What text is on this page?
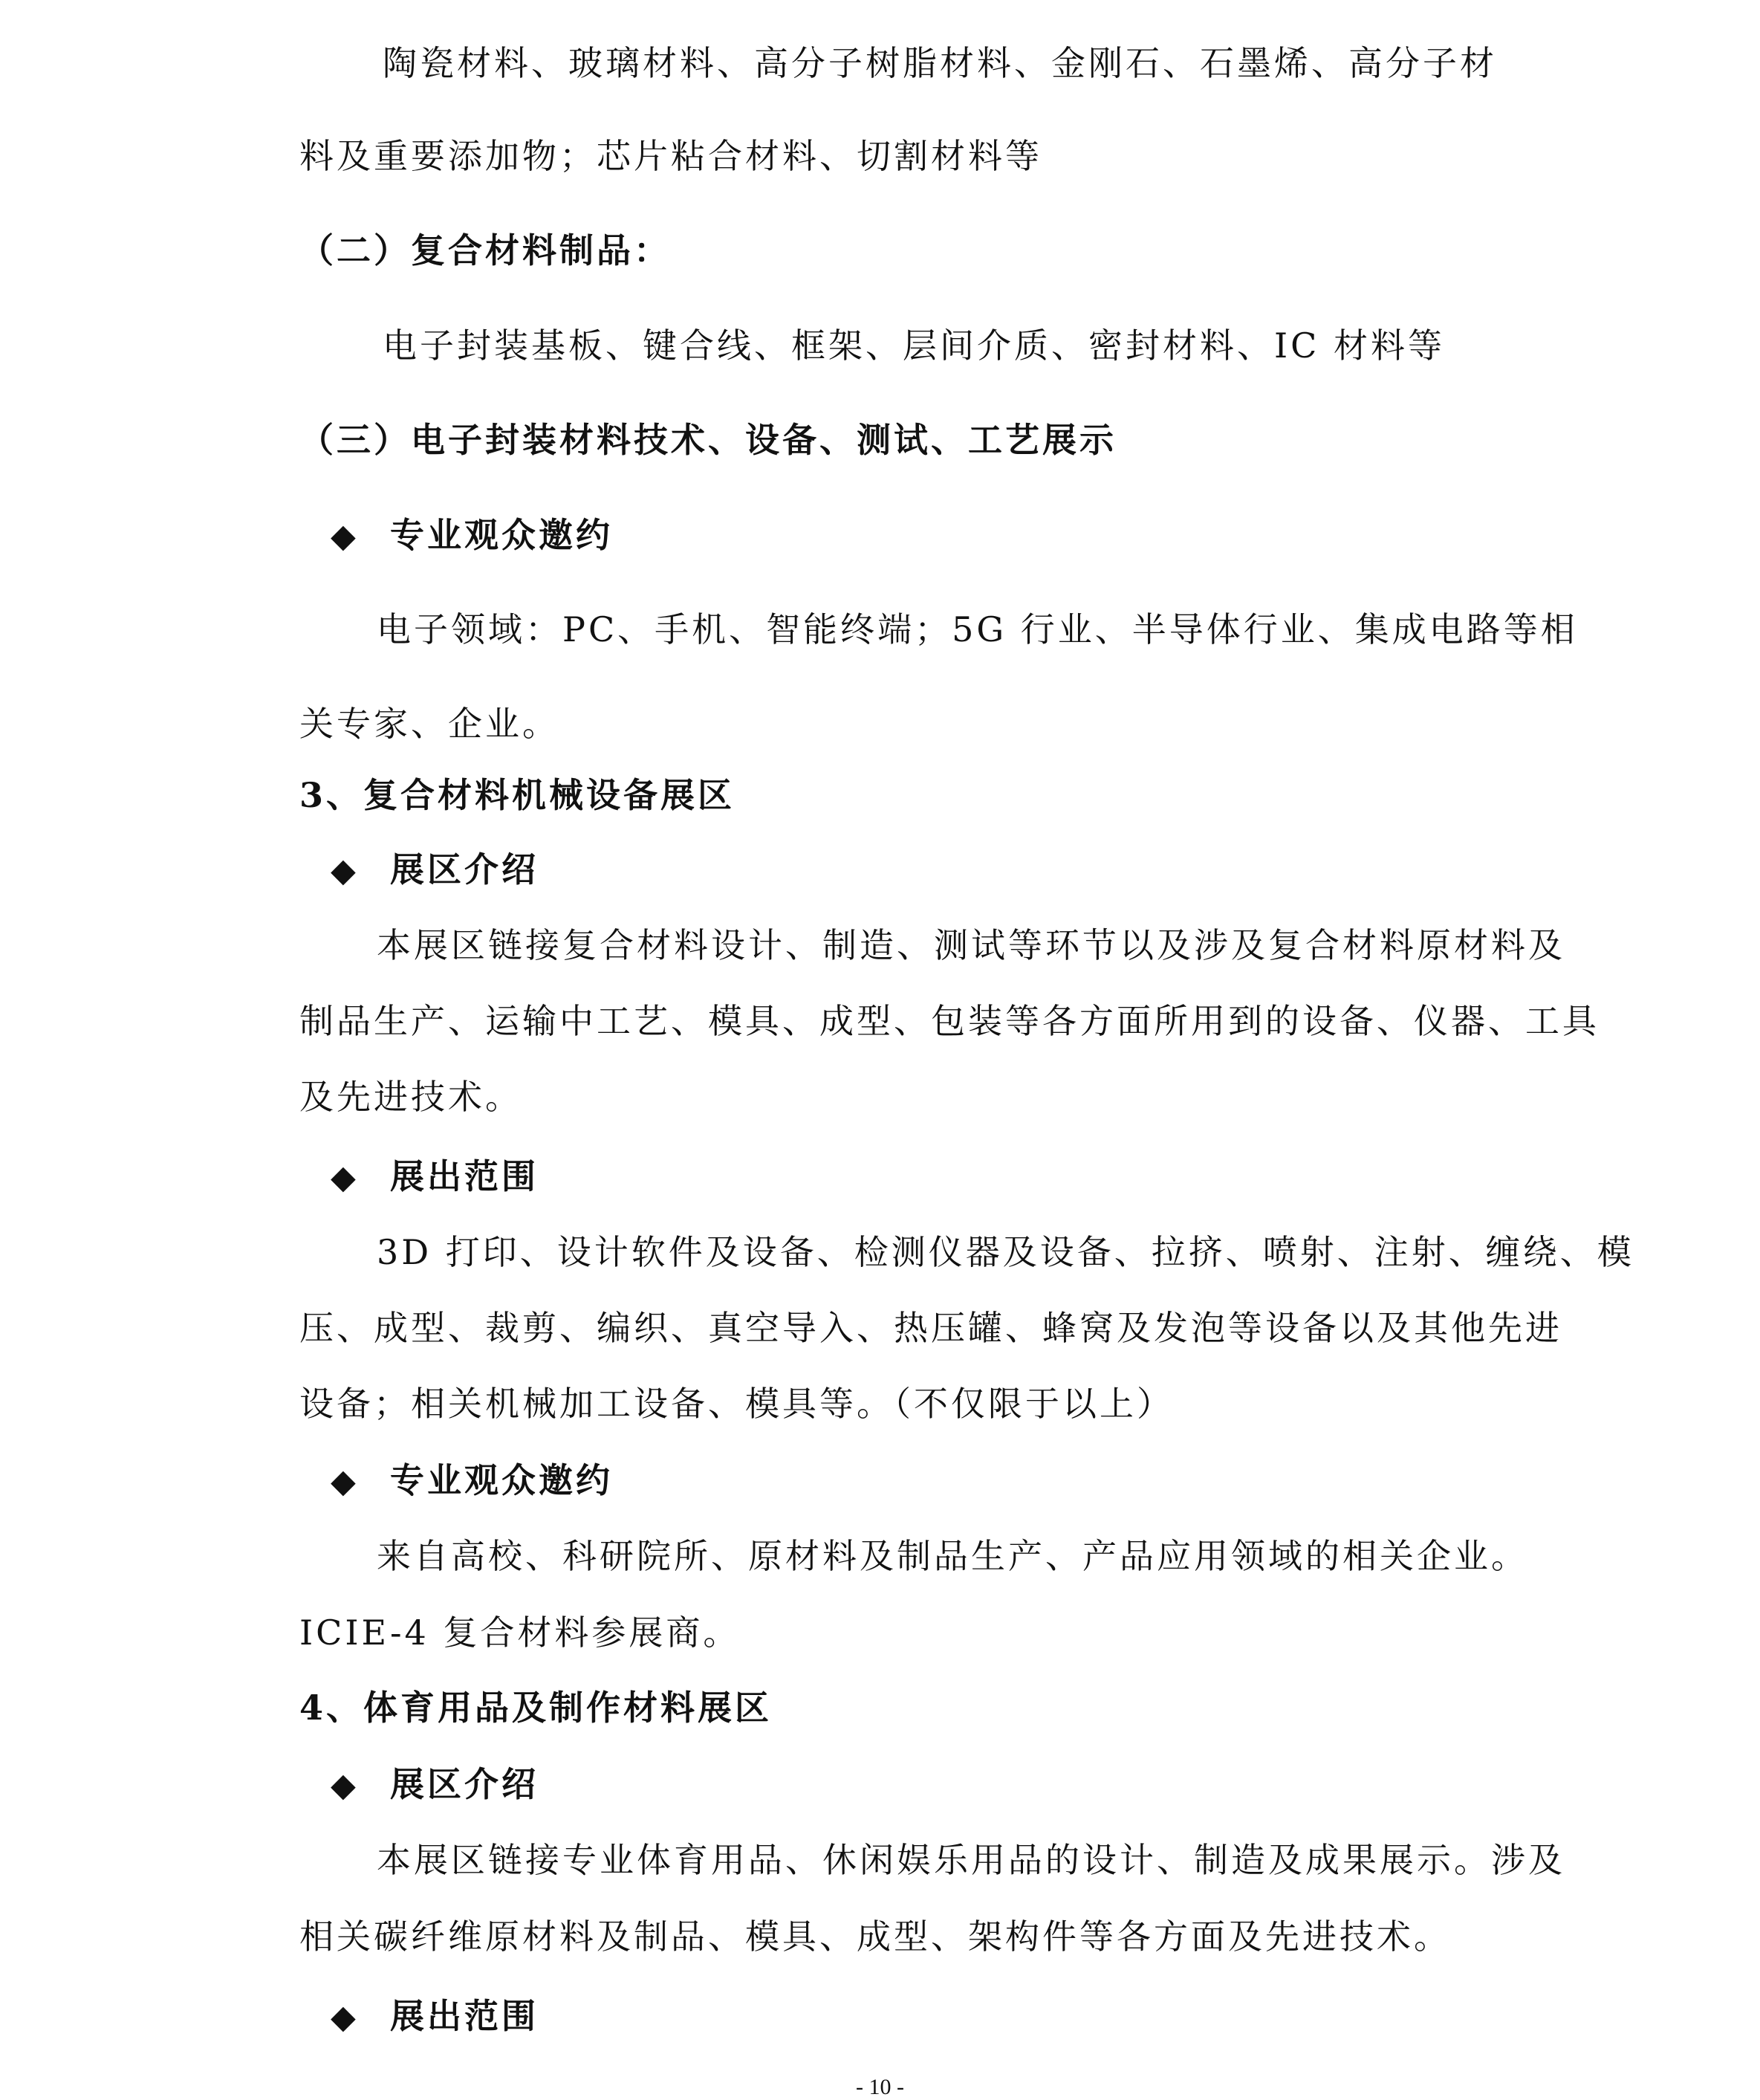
陶瓷材料、玻璃材料、高分子树脂材料、金刚石、石墨烯、高分子材
料及重要添加物；芯片粘合材料、切割材料等
（二）复合材料制品：
电子封装基板、键合线、框架、层间介质、密封材料、IC 材料等
（三）电子封装材料技术、设备、测试、工艺展示
◆ 专业观众邀约
电子领域：PC、手机、智能终端；5G 行业、半导体行业、集成电路等相
关专家、企业。
3、复合材料机械设备展区
◆ 展区介绍
本展区链接复合材料设计、制造、测试等环节以及涉及复合材料原材料及
制品生产、运输中工艺、模具、成型、包装等各方面所用到的设备、仪器、工具
及先进技术。
◆ 展出范围
3D 打印、设计软件及设备、检测仪器及设备、拉挤、喷射、注射、缠绕、模
压、成型、裁剪、编织、真空导入、热压罐、蜂窝及发泡等设备以及其他先进
设备；相关机械加工设备、模具等。（不仅限于以上）
◆ 专业观众邀约
来自高校、科研院所、原材料及制品生产、产品应用领域的相关企业。
ICIE-4 复合材料参展商。
4、体育用品及制作材料展区
◆ 展区介绍
本展区链接专业体育用品、休闲娱乐用品的设计、制造及成果展示。涉及
相关碳纤维原材料及制品、模具、成型、架构件等各方面及先进技术。
◆ 展出范围
- 10 -
